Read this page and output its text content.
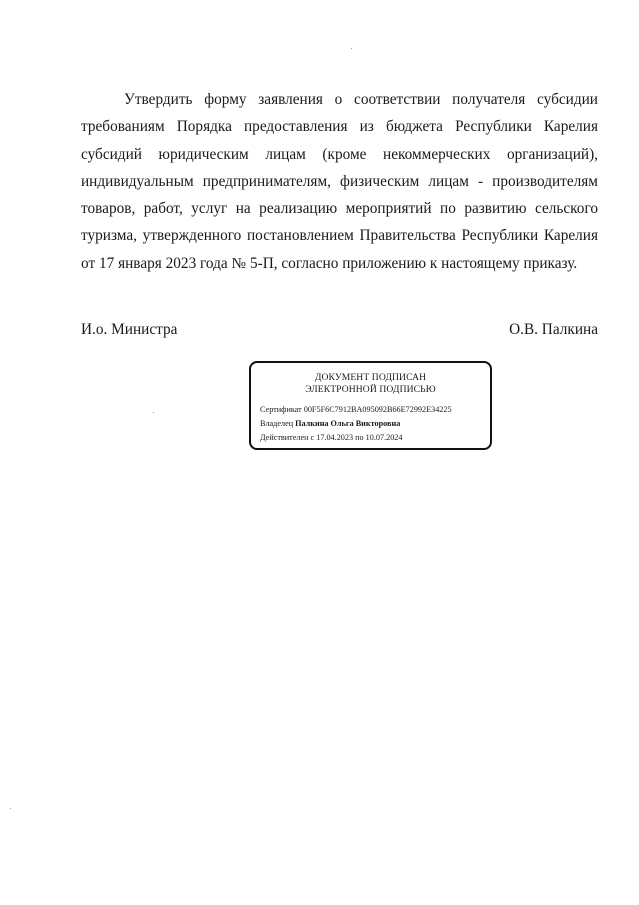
Утвердить форму заявления о соответствии получателя субсидии
требованиям Порядка предоставления из бюджета Республики Карелия
субсидий юридическим лицам (кроме некоммерческих организаций),
индивидуальным предпринимателям, физическим лицам - производителям
товаров, работ, услуг на реализацию мероприятий по развитию сельского
туризма, утвержденного постановлением Правительства Республики Карелия
от 17 января 2023 года № 5-П, согласно приложению к настоящему приказу.
И.о. Министра	О.В. Палкина
ДОКУМЕНТ ПОДПИСАН
ЭЛЕКТРОННОЙ ПОДПИСЬЮ
Сертификат 00F5F6C7912BA095092B66E72992E34225
Владелец Палкина Ольга Викторовна
Действителен с 17.04.2023 по 10.07.2024
